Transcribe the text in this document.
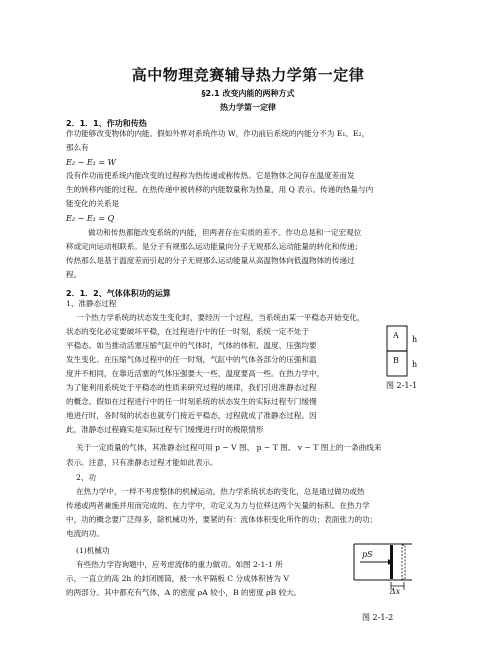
高中物理竞赛辅导热力学第一定律
§2.1 改变内能的两种方式
热力学第一定律
2．1．1、作功和传热
作功能够改变物体的内能。假如外界对系统作功 W，作功前后系统的内能分不为 E₁、E₂，
那么有
E₂ − E₁ = W
没有作功而使系统内能改变的过程称为热传递或称传热。它是物体之间存在温度差而发
生的转移内能的过程。在热传递中被转移的内能数量称为热量，用 Q 表示。传递的热量与内
能变化的关系是
E₂ − E₁ = Q
做功和传热都能改变系统的内能，但两者存在实质的差不。作功总是和一定宏观位
移或定向运动相联系。是分子有规那么运动能量向分子无规那么运动能量的转化和传递；
传热那么是基于温度差而引起的分子无规那么运动能量从高温物体向低温物体的传递过
程。
2．1．2、气体体积功的运算
1、准静态过程
一个热力学系统的状态发生变化时，要经历一个过程，当系统由某一平稳态开始变化，
状态的变化必定要破坏平稳，在过程进行中的任一时刻，系统一定不处于
平稳态。如当推动活塞压缩气缸中的气体时，气体的体积、温度、压强均要
发生变化。在压缩气体过程中的任一时刻，气缸中的气体各部分的压强和温
度并不相同，在靠近活塞的气体压强要大一些，温度要高一些。在热力学中，
为了能利用系统处于平稳态的性质来研究过程的规律，我们引进准静态过程
的概念。假如在过程进行中的任一时刻系统的状态发生的实际过程专门缓慢
地进行时，各时刻的状态也就专门接近平稳态，过程就成了准静态过程。因
此，准静态过程确实是实际过程专门缓慢进行时的极限情形
关于一定质量的气体，其准静态过程可用 p − V 图、 p − T 图、 v − T 图上的一条曲线来
表示。注意，只有准静态过程才能如此表示。
2、功
在热力学中，一样不考虑整体的机械运动。热力学系统状态的变化，总是通过做功或热
传递或两者兼施并用而完成的。在力学中，功定义为力与位移这两个矢量的标积。在热力学
中，功的概念要广泛得多，除机械功外，要紧的有：流体体积变化所作的功；表面张力的功；
电流的功。
(1)机械功
有些热力学咨询题中，应考虑流体的重力做功。如图 2-1-1 所
示，一直立的高 2h 的封闭圆筒，被一水平隔板 C 分成体积皆为 V
的两部分。其中都充有气体，A 的密度 ρA 较小，B 的密度 ρB 较大。
A
B
h
h
图 2-1-1
pS
Δx
图 2-1-2
